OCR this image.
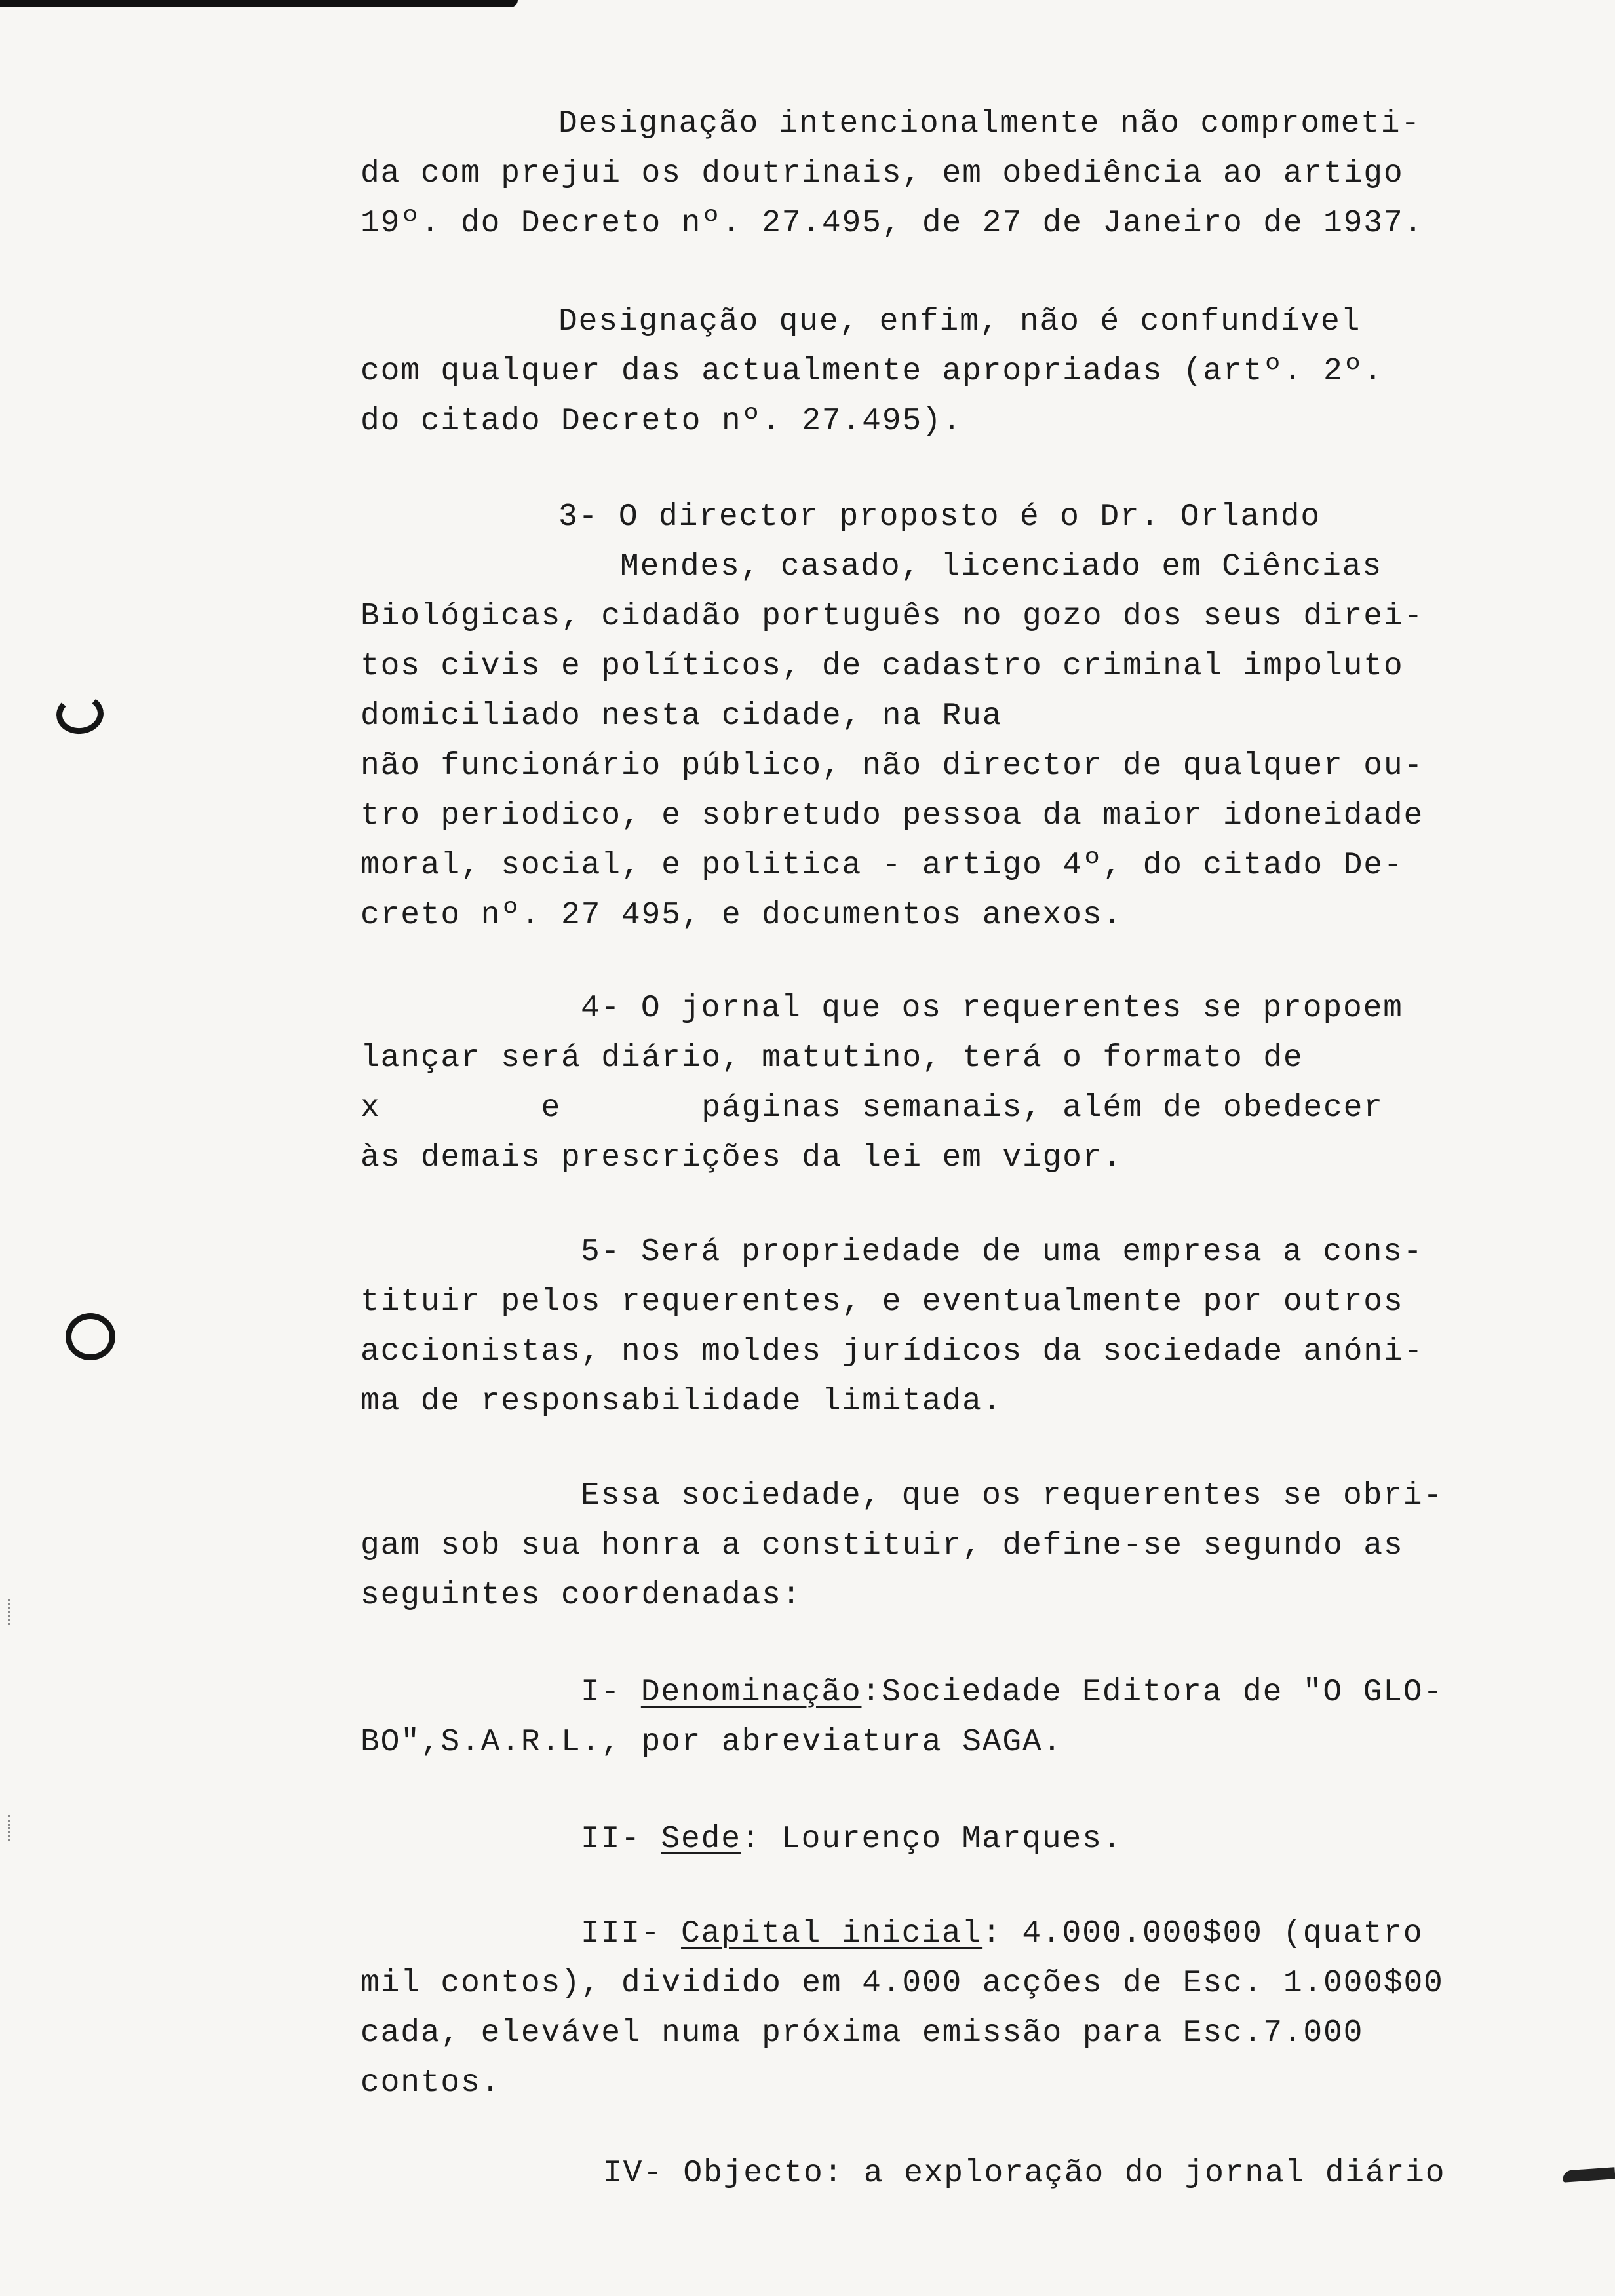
Designação intencionalmente não comprometi-
da com prejui os doutrinais, em obediência ao artigo
19º. do Decreto nº. 27.495, de 27 de Janeiro de 1937.
Designação que, enfim, não é confundível
com qualquer das actualmente apropriadas (artº. 2º.
do citado Decreto nº. 27.495).
3- O director proposto é o Dr. Orlando
Mendes, casado, licenciado em Ciências
Biológicas, cidadão português no gozo dos seus direi-
tos civis e políticos, de cadastro criminal impoluto
domiciliado nesta cidade, na Rua
não funcionário público, não director de qualquer ou-
tro periodico, e sobretudo pessoa da maior idoneidade
moral, social, e politica - artigo 4º, do citado De-
creto nº. 27 495, e documentos anexos.
4- O jornal que os requerentes se propoem
lançar será diário, matutino, terá o formato de
x        e       páginas semanais, além de obedecer
às demais prescrições da lei em vigor.
5- Será propriedade de uma empresa a cons-
tituir pelos requerentes, e eventualmente por outros
accionistas, nos moldes jurídicos da sociedade anóni-
ma de responsabilidade limitada.
Essa sociedade, que os requerentes se obri-
gam sob sua honra a constituir, define-se segundo as
seguintes coordenadas:
I- Denominação:Sociedade Editora de "O GLO-
BO",S.A.R.L., por abreviatura SAGA.
II- Sede: Lourenço Marques.
III- Capital inicial: 4.000.000$00 (quatro
mil contos), dividido em 4.000 acções de Esc. 1.000$00
cada, elevável numa próxima emissão para Esc.7.000
contos.
IV- Objecto: a exploração do jornal diário
